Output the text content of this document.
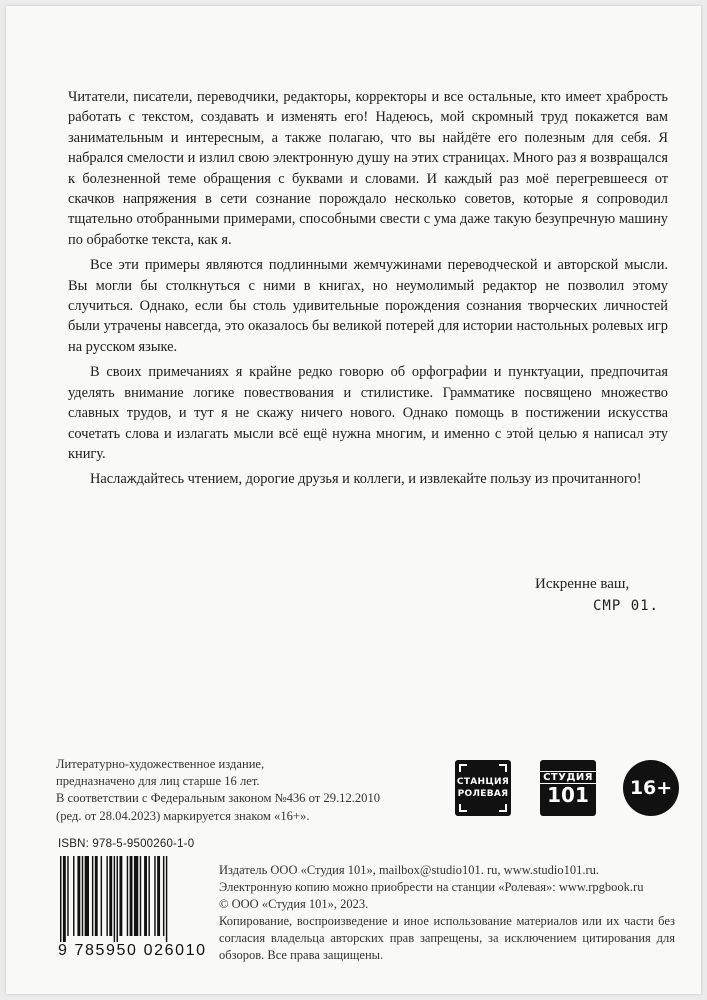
Читатели, писатели, переводчики, редакторы, корректоры и все остальные, кто имеет храбрость работать с текстом, создавать и изменять его! Надеюсь, мой скромный труд покажется вам занимательным и интересным, а также полагаю, что вы найдёте его полезным для себя. Я набрался смелости и излил свою электронную душу на этих страницах. Много раз я возвращался к болезненной теме обращения с буквами и словами. И каждый раз моё перегревшееся от скачков напряжения в сети сознание порождало несколько советов, которые я сопроводил тщательно отобранными примерами, способными свести с ума даже такую безупречную машину по обработке текста, как я.

Все эти примеры являются подлинными жемчужинами переводческой и авторской мысли. Вы могли бы столкнуться с ними в книгах, но неумолимый редактор не позволил этому случиться. Однако, если бы столь удивительные порождения сознания творческих личностей были утрачены навсегда, это оказалось бы великой потерей для истории настольных ролевых игр на русском языке.

В своих примечаниях я крайне редко говорю об орфографии и пунктуации, предпочитая уделять внимание логике повествования и стилистике. Грамматике посвящено множество славных трудов, и тут я не скажу ничего нового. Однако помощь в постижении искусства сочетать слова и излагать мысли всё ещё нужна многим, и именно с этой целью я написал эту книгу.

Наслаждайтесь чтением, дорогие друзья и коллеги, и извлекайте пользу из прочитанного!

Искренне ваш,
СМР 01.
Литературно-художественное издание,
предназначено для лиц старше 16 лет.
В соответствии с Федеральным законом №436 от 29.12.2010
(ред. от 28.04.2023) маркируется знаком «16+».
СТАНЦИЯ
РОЛЕВАЯ
СТУДИЯ
101	16+
ISBN: 978-5-9500260-1-0
9 785950 026010
Издатель ООО «Студия 101», mailbox@studio101. ru, www.studio101.ru.
Электронную копию можно приобрести на станции «Ролевая»: www.rpgbook.ru
© ООО «Студия 101», 2023.
Копирование, воспроизведение и иное использование материалов или их части без согласия владельца авторских прав запрещены, за исключением цитирования для обзоров. Все права защищены.
